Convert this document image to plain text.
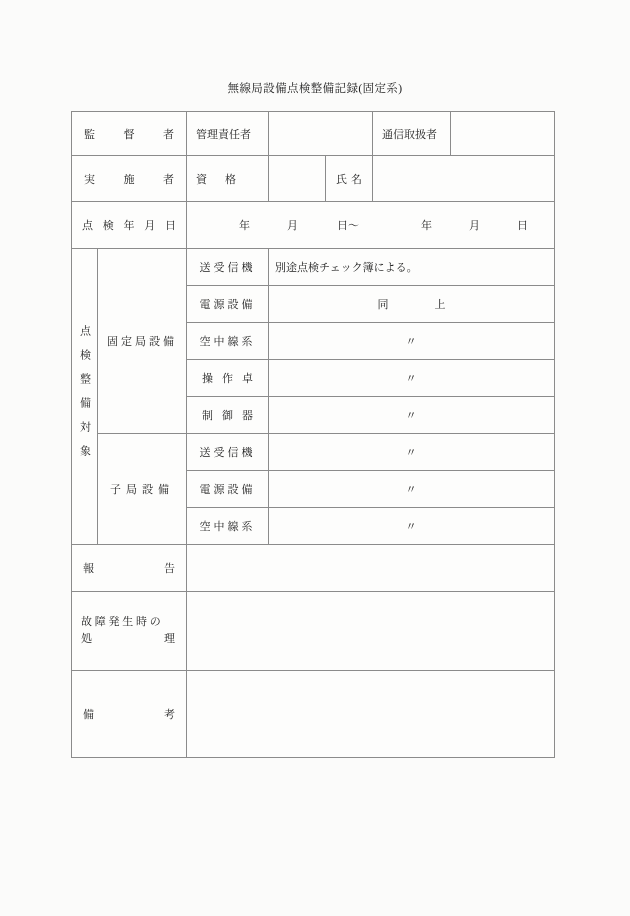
無線局設備点検整備記録(固定系)
監 督 者		管理責任者			通信取扱者	

実 施 者		資 格		氏 名		

点 検 年 月 日	年	月	日〜	年	月	日

点検整備対象	固定局設備	送受信機	別途点検チェック簿による。			

		電源設備	同 上			

		空中線系	〃			
		操作卓	〃			
		制御器	〃			
	子局設備	送受信機	〃			
		電源設備	〃			
		空中線系	〃			

報 告						

故 障 発 生 時 の
処 理						

備 考						
